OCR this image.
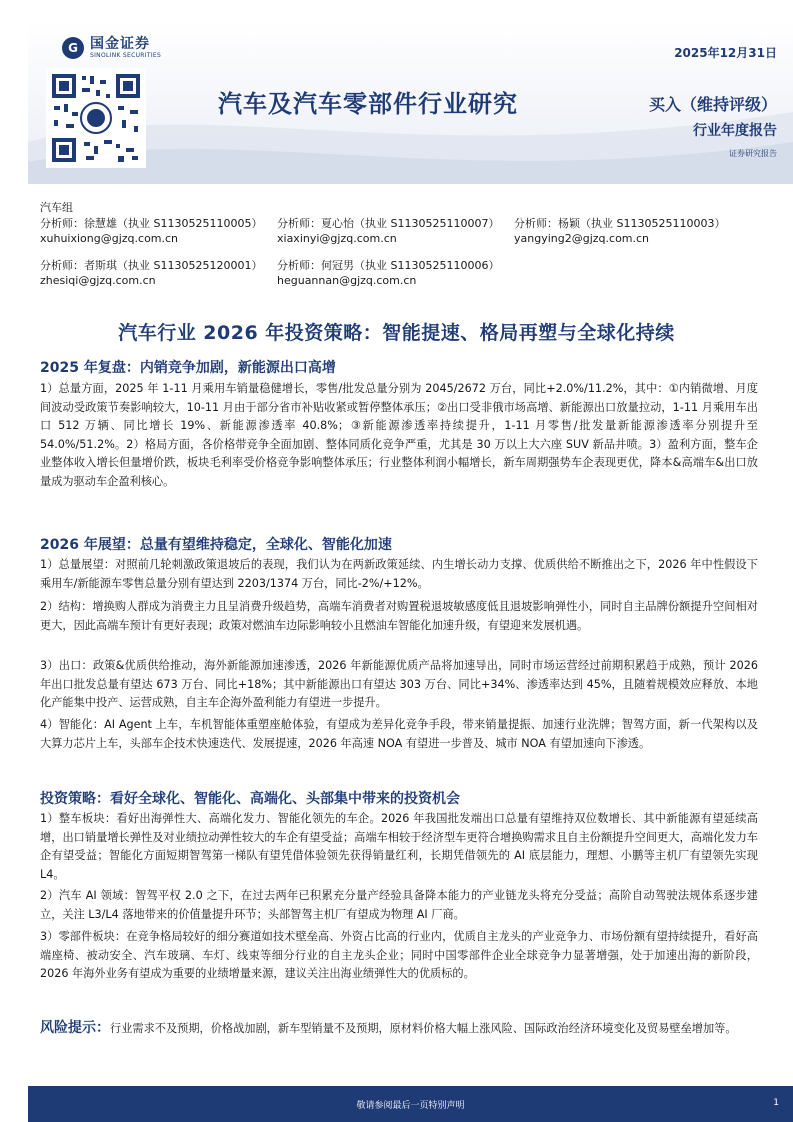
G 国金证券
SINOLINK SECURITIES	2025年12月31日
汽车及汽车零部件行业研究	买入（维持评级）
行业年度报告
证券研究报告
汽车组
分析师：徐慧雄（执业 S1130525110005）
xuhuixiong@gjzq.com.cn
分析师：夏心怡（执业 S1130525110007）
xiaxinyi@gjzq.com.cn
分析师：杨颖（执业 S1130525110003）
yangying2@gjzq.com.cn
分析师：者斯琪（执业 S1130525120001）
zhesiqi@gjzq.com.cn
分析师：何冠男（执业 S1130525110006）
heguannan@gjzq.com.cn
汽车行业 2026 年投资策略：智能提速、格局再塑与全球化持续
2025 年复盘：内销竞争加剧，新能源出口高增
1）总量方面，2025 年 1-11 月乘用车销量稳健增长，零售/批发总量分别为 2045/2672 万台，同比+2.0%/11.2%，其中：①内销微增、月度间波动受政策节奏影响较大，10-11 月由于部分省市补贴收紧或暂停整体承压；②出口受非俄市场高增、新能源出口放量拉动，1-11 月乘用车出口 512 万辆、同比增长 19%、新能源渗透率 40.8%；③新能源渗透率持续提升，1-11 月零售/批发量新能源渗透率分别提升至 54.0%/51.2%。2）格局方面，各价格带竞争全面加剧、整体同质化竞争严重，尤其是 30 万以上大六座 SUV 新品井喷。3）盈利方面，整车企业整体收入增长但量增价跌，板块毛利率受价格竞争影响整体承压；行业整体利润小幅增长，新车周期强势车企表现更优，降本&高端车&出口放量成为驱动车企盈利核心。
2026 年展望：总量有望维持稳定，全球化、智能化加速
1）总量展望：对照前几轮刺激政策退坡后的表现，我们认为在两新政策延续、内生增长动力支撑、优质供给不断推出之下，2026 年中性假设下乘用车/新能源车零售总量分别有望达到 2203/1374 万台，同比-2%/+12%。
2）结构：增换购人群成为消费主力且呈消费升级趋势，高端车消费者对购置税退坡敏感度低且退坡影响弹性小，同时自主品牌份额提升空间相对更大，因此高端车预计有更好表现；政策对燃油车边际影响较小且燃油车智能化加速升级，有望迎来发展机遇。
3）出口：政策&优质供给推动，海外新能源加速渗透，2026 年新能源优质产品将加速导出，同时市场运营经过前期积累趋于成熟，预计 2026 年出口批发总量有望达 673 万台、同比+18%；其中新能源出口有望达 303 万台、同比+34%、渗透率达到 45%，且随着规模效应释放、本地化产能集中投产、运营成熟，自主车企海外盈利能力有望进一步提升。
4）智能化：AI Agent 上车，车机智能体重塑座舱体验，有望成为差异化竞争手段，带来销量提振、加速行业洗牌；智驾方面，新一代架构以及大算力芯片上车，头部车企技术快速迭代、发展提速，2026 年高速 NOA 有望进一步普及、城市 NOA 有望加速向下渗透。
投资策略：看好全球化、智能化、高端化、头部集中带来的投资机会
1）整车板块：看好出海弹性大、高端化发力、智能化领先的车企。2026 年我国批发端出口总量有望维持双位数增长、其中新能源有望延续高增，出口销量增长弹性及对业绩拉动弹性较大的车企有望受益；高端车相较于经济型车更符合增换购需求且自主份额提升空间更大，高端化发力车企有望受益；智能化方面短期智驾第一梯队有望凭借体验领先获得销量红利，长期凭借领先的 AI 底层能力，理想、小鹏等主机厂有望领先实现 L4。
2）汽车 AI 领域：智驾平权 2.0 之下，在过去两年已积累充分量产经验具备降本能力的产业链龙头将充分受益；高阶自动驾驶法规体系逐步建立，关注 L3/L4 落地带来的价值量提升环节；头部智驾主机厂有望成为物理 AI 厂商。
3）零部件板块：在竞争格局较好的细分赛道如技术壁垒高、外资占比高的行业内，优质自主龙头的产业竞争力、市场份额有望持续提升，看好高端座椅、被动安全、汽车玻璃、车灯、线束等细分行业的自主龙头企业；同时中国零部件企业全球竞争力显著增强，处于加速出海的新阶段，2026 年海外业务有望成为重要的业绩增量来源，建议关注出海业绩弹性大的优质标的。
风险提示：行业需求不及预期，价格战加剧，新车型销量不及预期，原材料价格大幅上涨风险、国际政治经济环境变化及贸易壁垒增加等。
敬请参阅最后一页特别声明	1
